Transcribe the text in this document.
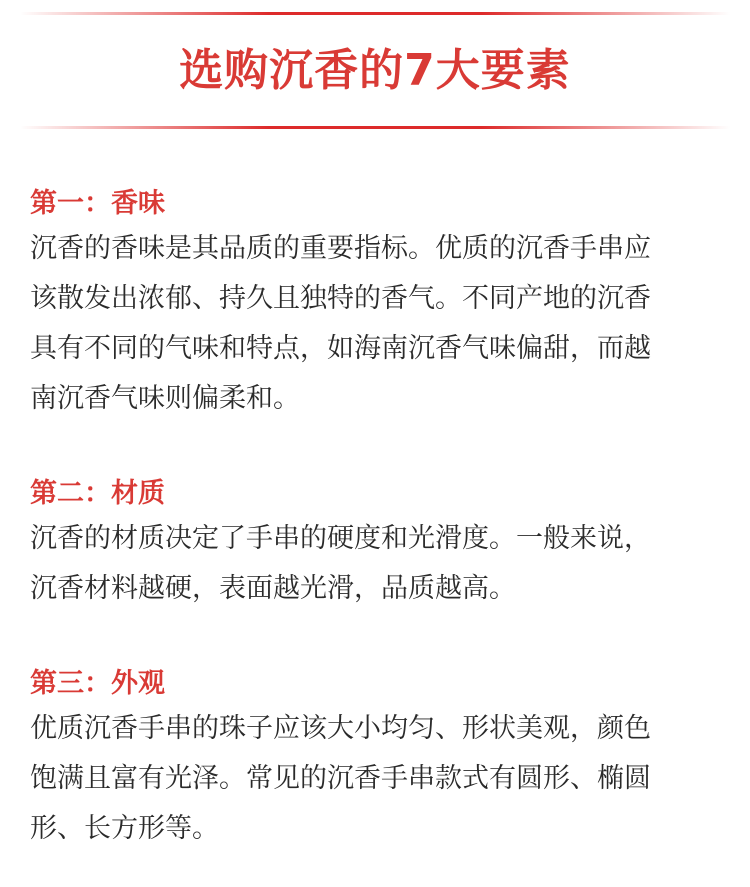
选购沉香的7大要素
第一：香味
沉香的香味是其品质的重要指标。优质的沉香手串应
该散发出浓郁、持久且独特的香气。不同产地的沉香
具有不同的气味和特点，如海南沉香气味偏甜，而越
南沉香气味则偏柔和。
第二：材质
沉香的材质决定了手串的硬度和光滑度。一般来说，
沉香材料越硬，表面越光滑，品质越高。
第三：外观
优质沉香手串的珠子应该大小均匀、形状美观，颜色
饱满且富有光泽。常见的沉香手串款式有圆形、椭圆
形、长方形等。
